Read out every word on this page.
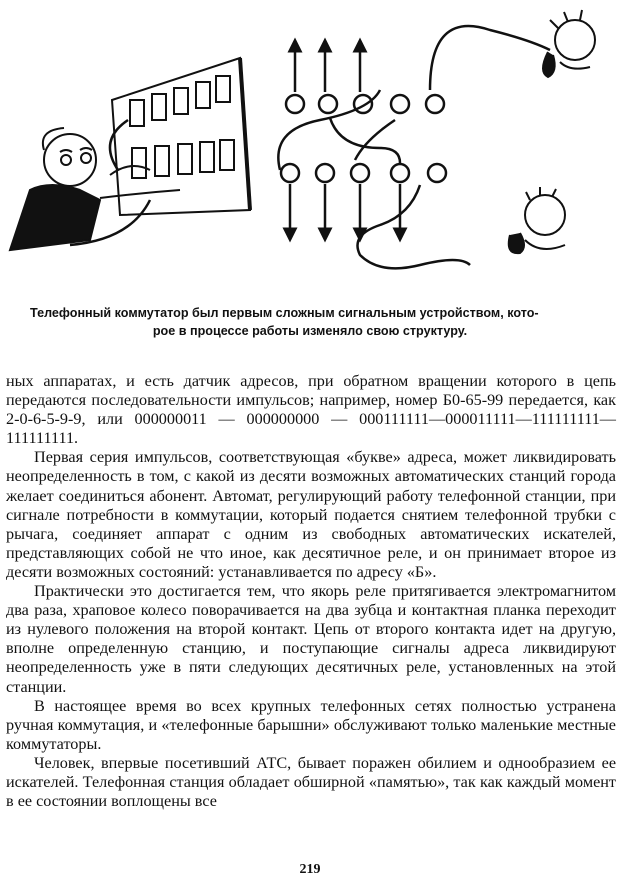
Телефонный коммутатор был первым сложным сигнальным устройством, кото-
рое в процессе работы изменяло свою структуру.

ных аппаратах, и есть датчик адресов, при обратном вращении которого в цепь передаются последовательности импульсов; например, номер Б0-65-99 передается, как 2-0-6-5-9-9, или 000000011 — 000000000 — 000111111—000011111—111111111—111111111.

Первая серия импульсов, соответствующая «букве» адреса, может ликвидировать неопределенность в том, с какой из десяти возможных автоматических станций города желает соединиться абонент. Автомат, регулирующий работу телефонной станции, при сигнале потребности в коммутации, который подается снятием телефонной трубки с рычага, соединяет аппарат с одним из свободных автоматических искателей, представляющих собой не что иное, как десятичное реле, и он принимает второе из десяти возможных состояний: устанавливается по адресу «Б».

Практически это достигается тем, что якорь реле притягивается электромагнитом два раза, храповое колесо поворачивается на два зубца и контактная планка переходит из нулевого положения на второй контакт. Цепь от второго контакта идет на другую, вполне определенную станцию, и поступающие сигналы адреса ликвидируют неопределенность уже в пяти следующих десятичных реле, установленных на этой станции.

В настоящее время во всех крупных телефонных сетях полностью устранена ручная коммутация, и «телефонные барышни» обслуживают только маленькие местные коммутаторы.

Человек, впервые посетивший АТС, бывает поражен обилием и однообразием ее искателей. Телефонная станция обладает обширной «памятью», так как каждый момент в ее состоянии воплощены все

219
